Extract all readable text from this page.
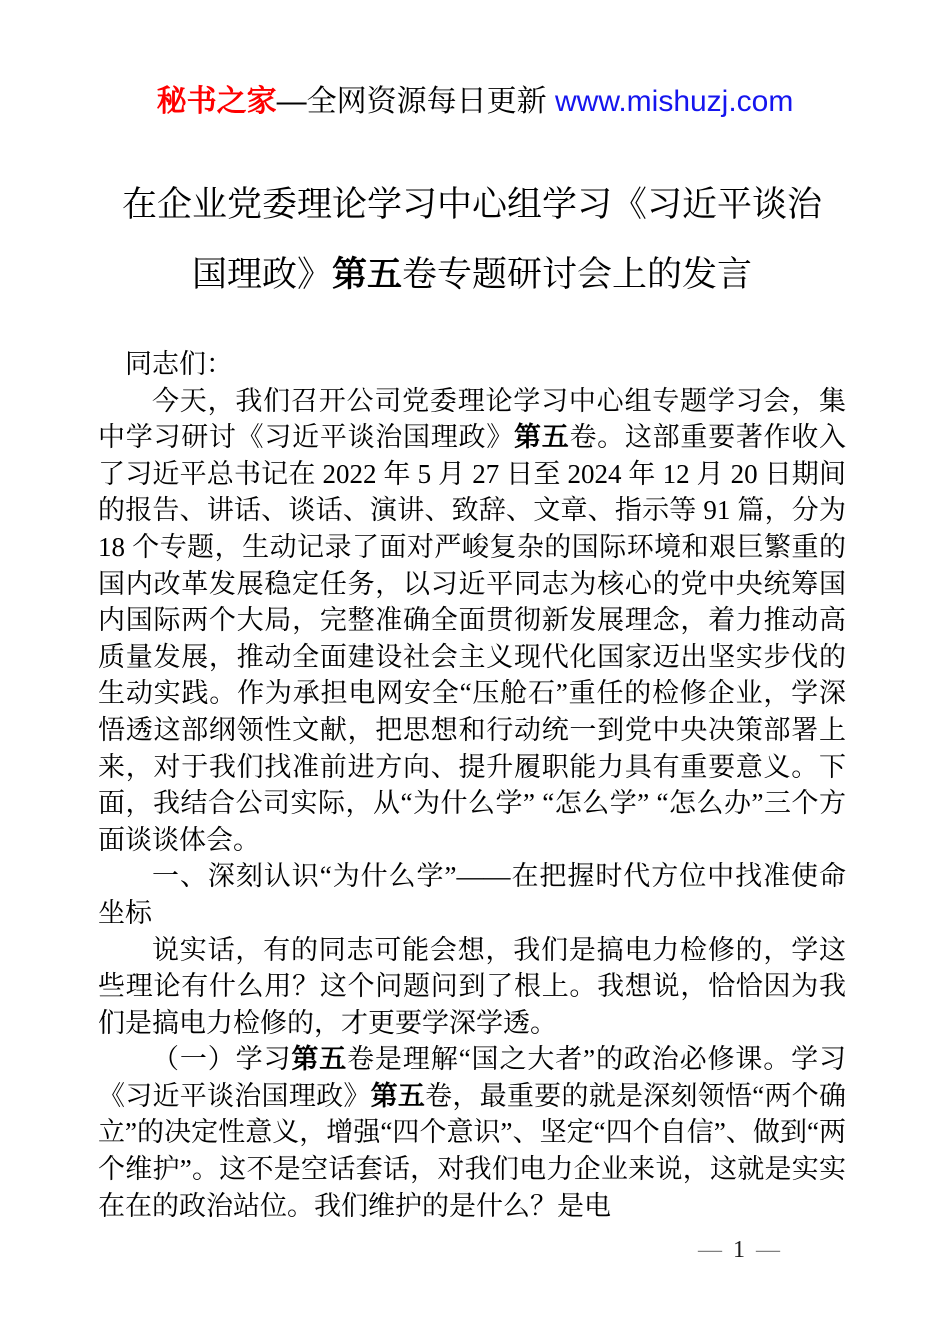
秘书之家—全网资源每日更新 www.mishuzj.com
在企业党委理论学习中心组学习《习近平谈治
国理政》第五卷专题研讨会上的发言

同志们：

今天，我们召开公司党委理论学习中心组专题学习会，集中学习研讨《习近平谈治国理政》第五卷。这部重要著作收入了习近平总书记在 2022 年 5 月 27 日至 2024 年 12 月 20 日期间的报告、讲话、谈话、演讲、致辞、文章、指示等 91 篇，分为 18 个专题，生动记录了面对严峻复杂的国际环境和艰巨繁重的国内改革发展稳定任务，以习近平同志为核心的党中央统筹国内国际两个大局，完整准确全面贯彻新发展理念，着力推动高质量发展，推动全面建设社会主义现代化国家迈出坚实步伐的生动实践。作为承担电网安全“压舱石”重任的检修企业，学深悟透这部纲领性文献，把思想和行动统一到党中央决策部署上来，对于我们找准前进方向、提升履职能力具有重要意义。下面，我结合公司实际，从“为什么学” “怎么学” “怎么办”三个方面谈谈体会。

一、深刻认识“为什么学”——在把握时代方位中找准使命坐标

说实话，有的同志可能会想，我们是搞电力检修的，学这些理论有什么用？这个问题问到了根上。我想说，恰恰因为我们是搞电力检修的，才更要学深学透。

（一）学习第五卷是理解“国之大者”的政治必修课。学习《习近平谈治国理政》第五卷，最重要的就是深刻领悟“两个确立”的决定性意义，增强“四个意识”、坚定“四个自信”、做到“两个维护”。这不是空话套话，对我们电力企业来说，这就是实实在在的政治站位。我们维护的是什么？是电

— 1 —
